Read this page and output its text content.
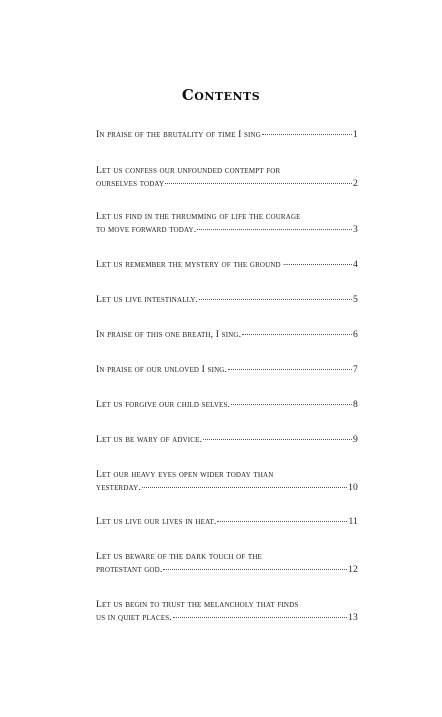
Contents
In praise of the brutality of time I sing	1
Let us confess our unfounded contempt for
ourselves today	2
Let us find in the thrumming of life the courage
to move forward today.	3
Let us remember the mystery of the ground –	4
Let us live intestinally.	5
In praise of this one breath, I sing.	6
In praise of our unloved I sing.	7
Let us forgive our child selves.	8
Let us be wary of advice.	9
Let our heavy eyes open wider today than
yesterday.	10
Let us live our lives in heat.	11
Let us beware of the dark touch of the
protestant god.	12
Let us begin to trust the melancholy that finds
us in quiet places.	13
